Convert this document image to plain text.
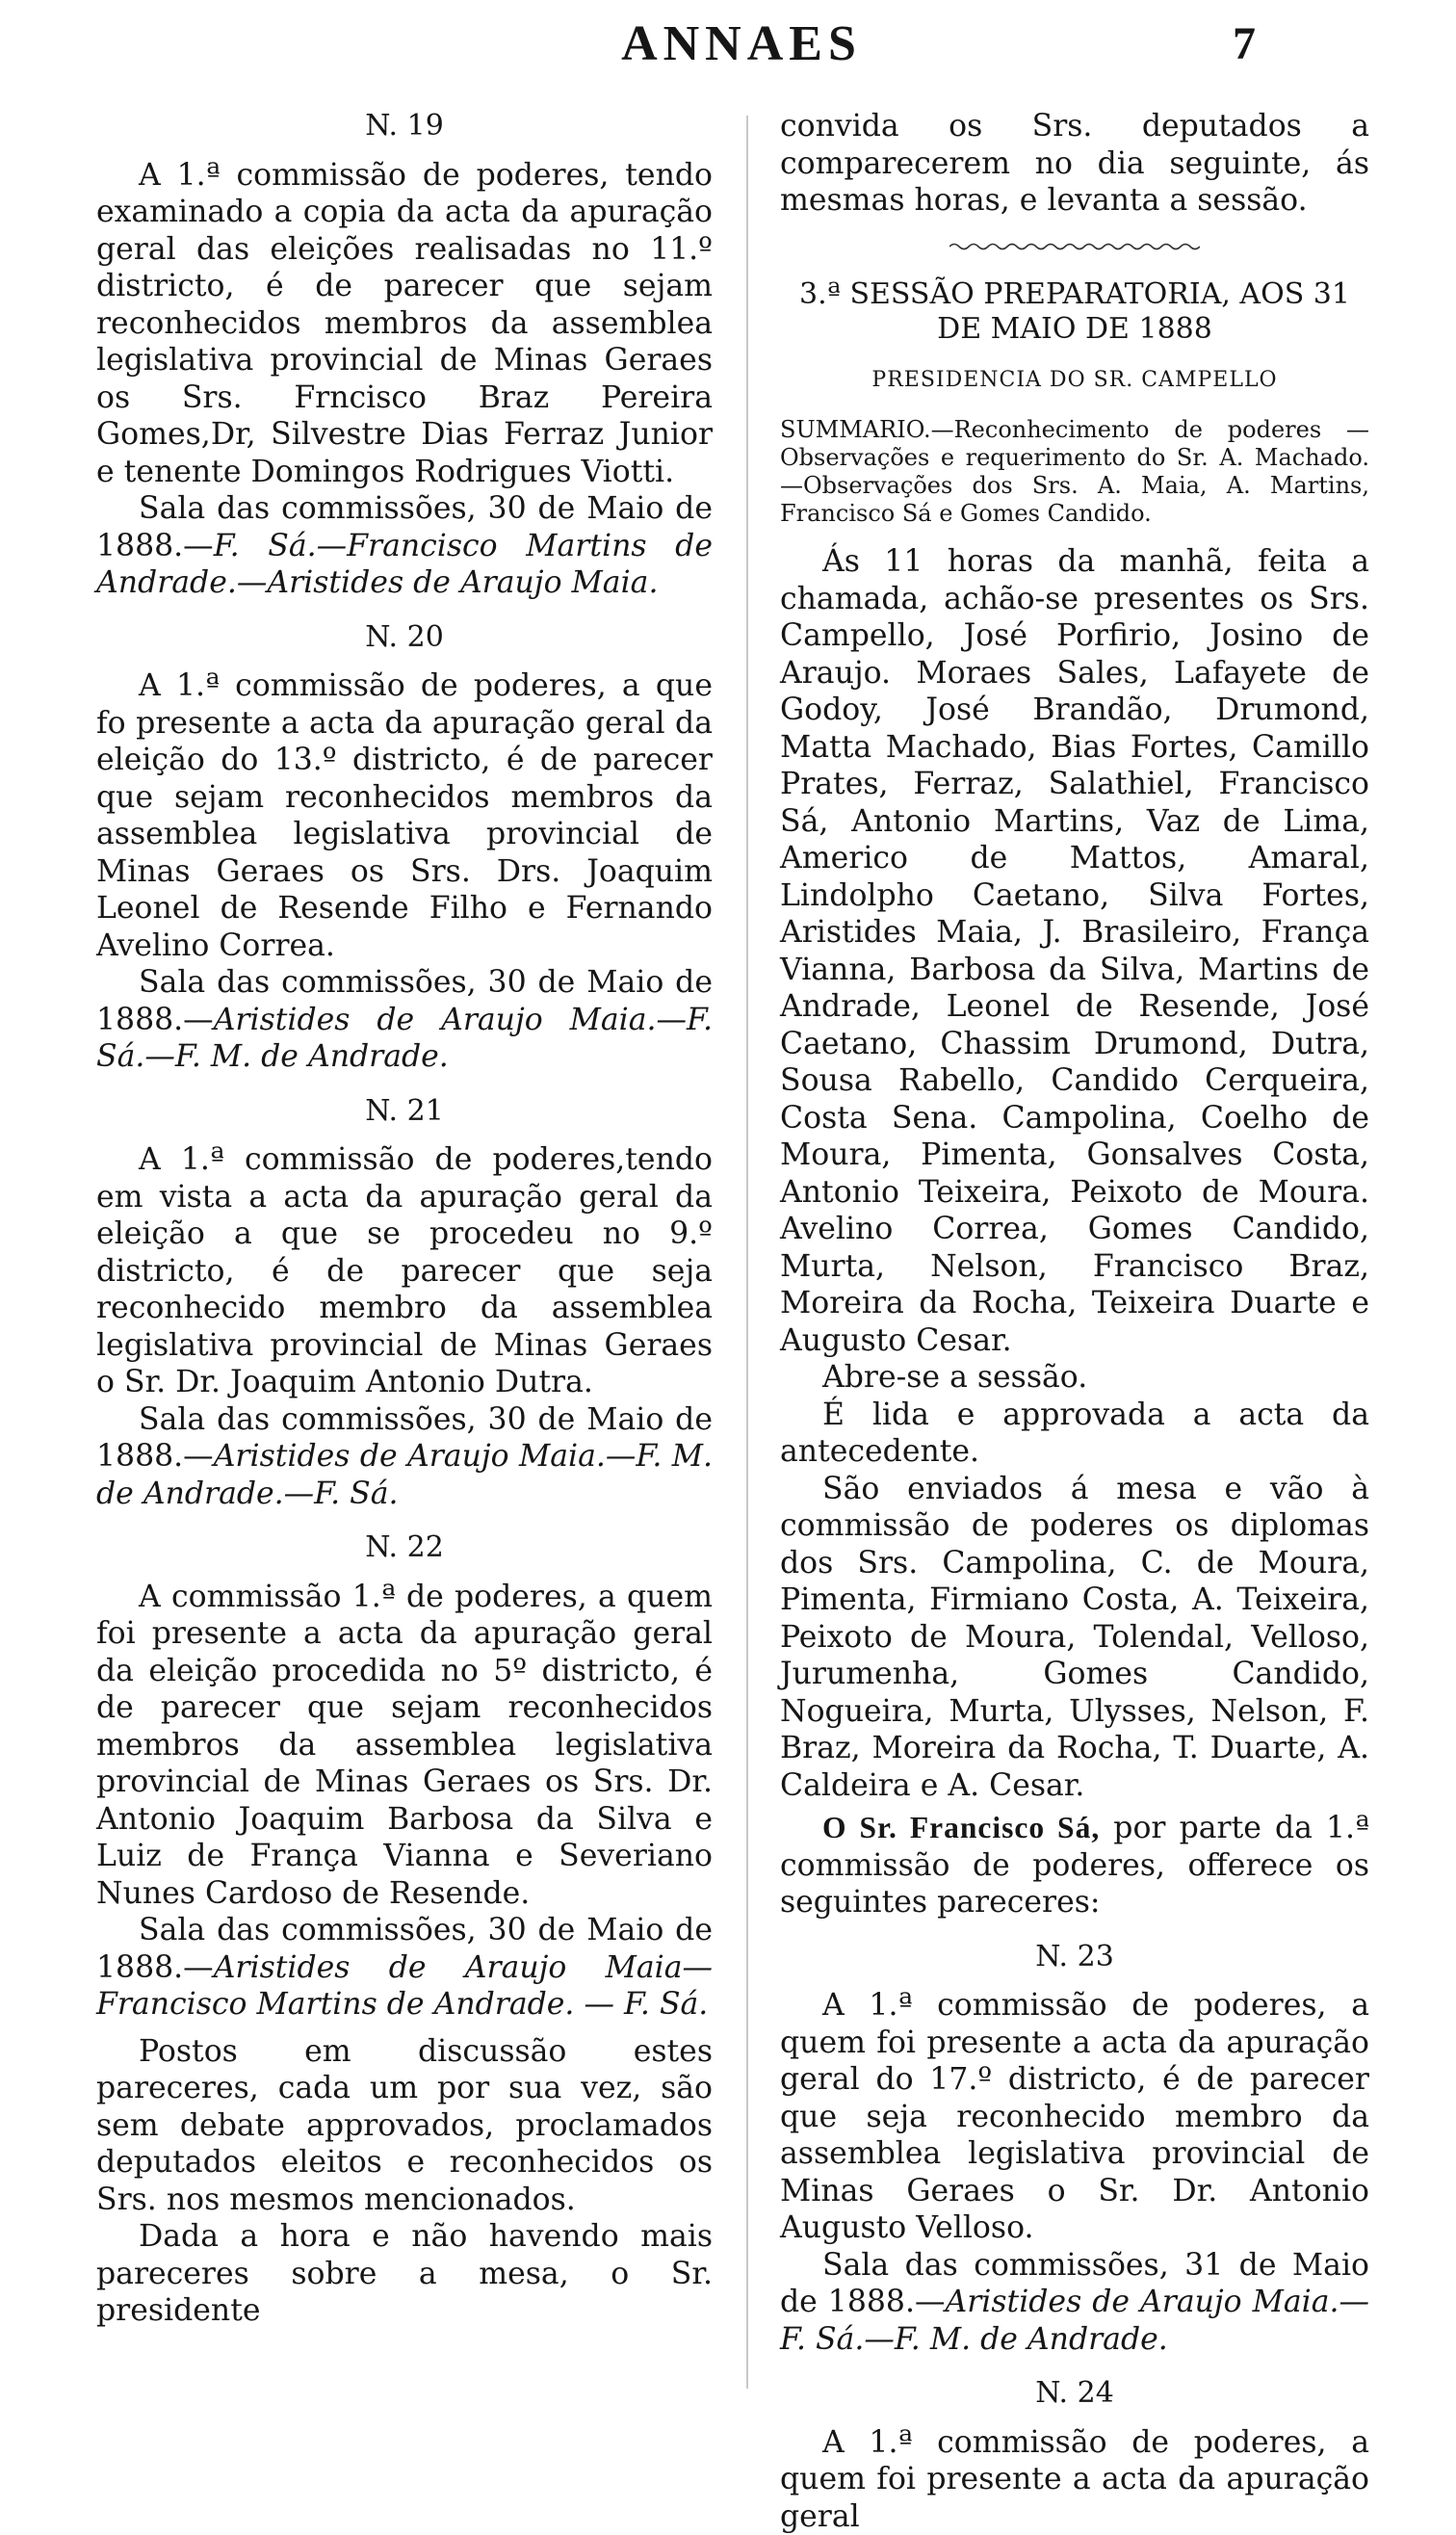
ANNAES	7

N. 19

A 1.ª commissão de poderes, tendo examinado a copia da acta da apuração geral das eleições realisadas no 11.º districto, é de parecer que sejam reconhecidos membros da assemblea legislativa provincial de Minas Geraes os Srs. Frncisco Braz Pereira Gomes,Dr, Silvestre Dias Ferraz Junior e tenente Domingos Rodrigues Viotti.

Sala das commissões, 30 de Maio de 1888.—F. Sá.—Francisco Martins de Andrade.—Aristides de Araujo Maia.

N. 20

A 1.ª commissão de poderes, a que fo presente a acta da apuração geral da eleição do 13.º districto, é de parecer que sejam reconhecidos membros da assemblea legislativa provincial de Minas Geraes os Srs. Drs. Joaquim Leonel de Resende Filho e Fernando Avelino Correa.

Sala das commissões, 30 de Maio de 1888.—Aristides de Araujo Maia.—F. Sá.—F. M. de Andrade.

N. 21

A 1.ª commissão de poderes,tendo em vista a acta da apuração geral da eleição a que se procedeu no 9.º districto, é de parecer que seja reconhecido membro da assemblea legislativa provincial de Minas Geraes o Sr. Dr. Joaquim Antonio Dutra.

Sala das commissões, 30 de Maio de 1888.—Aristides de Araujo Maia.—F. M. de Andrade.—F. Sá.

N. 22

A commissão 1.ª de poderes, a quem foi presente a acta da apuração geral da eleição procedida no 5º districto, é de parecer que sejam reconhecidos membros da assemblea legislativa provincial de Minas Geraes os Srs. Dr. Antonio Joaquim Barbosa da Silva e Luiz de França Vianna e Severiano Nunes Cardoso de Resende.

Sala das commissões, 30 de Maio de 1888.—Aristides de Araujo Maia—Francisco Martins de Andrade. — F. Sá.

Postos em discussão estes pareceres, cada um por sua vez, são sem debate approvados, proclamados deputados eleitos e reconhecidos os Srs. nos mesmos mencionados.

Dada a hora e não havendo mais pareceres sobre a mesa, o Sr. presidente

convida os Srs. deputados a comparecerem no dia seguinte, ás mesmas horas, e levanta a sessão.

3.ª SESSÃO PREPARATORIA, AOS 31 DE MAIO DE 1888

PRESIDENCIA DO SR. CAMPELLO

SUMMARIO.—Reconhecimento de poderes — Observações e requerimento do Sr. A. Machado.—Observações dos Srs. A. Maia, A. Martins, Francisco Sá e Gomes Candido.

Ás 11 horas da manhã, feita a chamada, achão-se presentes os Srs. Campello, José Porfirio, Josino de Araujo. Moraes Sales, Lafayete de Godoy, José Brandão, Drumond, Matta Machado, Bias Fortes, Camillo Prates, Ferraz, Salathiel, Francisco Sá, Antonio Martins, Vaz de Lima, Americo de Mattos, Amaral, Lindolpho Caetano, Silva Fortes, Aristides Maia, J. Brasileiro, França Vianna, Barbosa da Silva, Martins de Andrade, Leonel de Resende, José Caetano, Chassim Drumond, Dutra, Sousa Rabello, Candido Cerqueira, Costa Sena. Campolina, Coelho de Moura, Pimenta, Gonsalves Costa, Antonio Teixeira, Peixoto de Moura. Avelino Correa, Gomes Candido, Murta, Nelson, Francisco Braz, Moreira da Rocha, Teixeira Duarte e Augusto Cesar.

Abre-se a sessão.

É lida e approvada a acta da antecedente.

São enviados á mesa e vão à commissão de poderes os diplomas dos Srs. Campolina, C. de Moura, Pimenta, Firmiano Costa, A. Teixeira, Peixoto de Moura, Tolendal, Velloso, Jurumenha, Gomes Candido, Nogueira, Murta, Ulysses, Nelson, F. Braz, Moreira da Rocha, T. Duarte, A. Caldeira e A. Cesar.

O Sr. Francisco Sá, por parte da 1.ª commissão de poderes, offerece os seguintes pareceres:

N. 23

A 1.ª commissão de poderes, a quem foi presente a acta da apuração geral do 17.º districto, é de parecer que seja reconhecido membro da assemblea legislativa provincial de Minas Geraes o Sr. Dr. Antonio Augusto Velloso.

Sala das commissões, 31 de Maio de 1888.—Aristides de Araujo Maia.—F. Sá.—F. M. de Andrade.

N. 24

A 1.ª commissão de poderes, a quem foi presente a acta da apuração geral
